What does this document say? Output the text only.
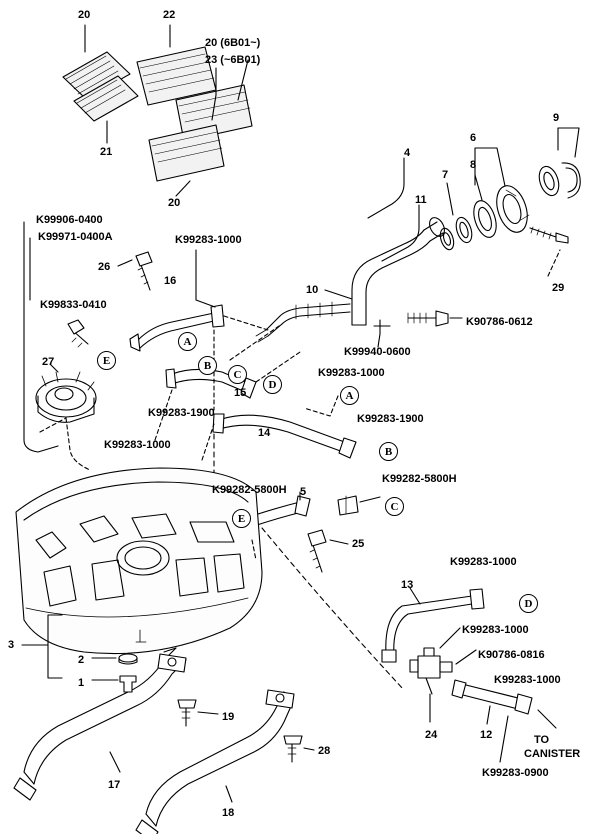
K99906-0400
K99971-0400A
K99833-0410
K99283-1000
K90786-0612
K99940-0600
K99283-1000
K99283-1900	K99283-1900
K99283-1000
K99282-5800H
K99282-5800H
K99283-1000
K99283-1000
K90786-0816
K99283-1000
K99283-0900
20	22
20 (6B01~)
23 (~6B01)
21
20
4
6
9
8
7
11
10	29
26
16
27
15
14
5
25
13
3
2
1
19
28
24	12
17
18
E
A
B
C
D
A
B
C
E
D
TO
CANISTER
